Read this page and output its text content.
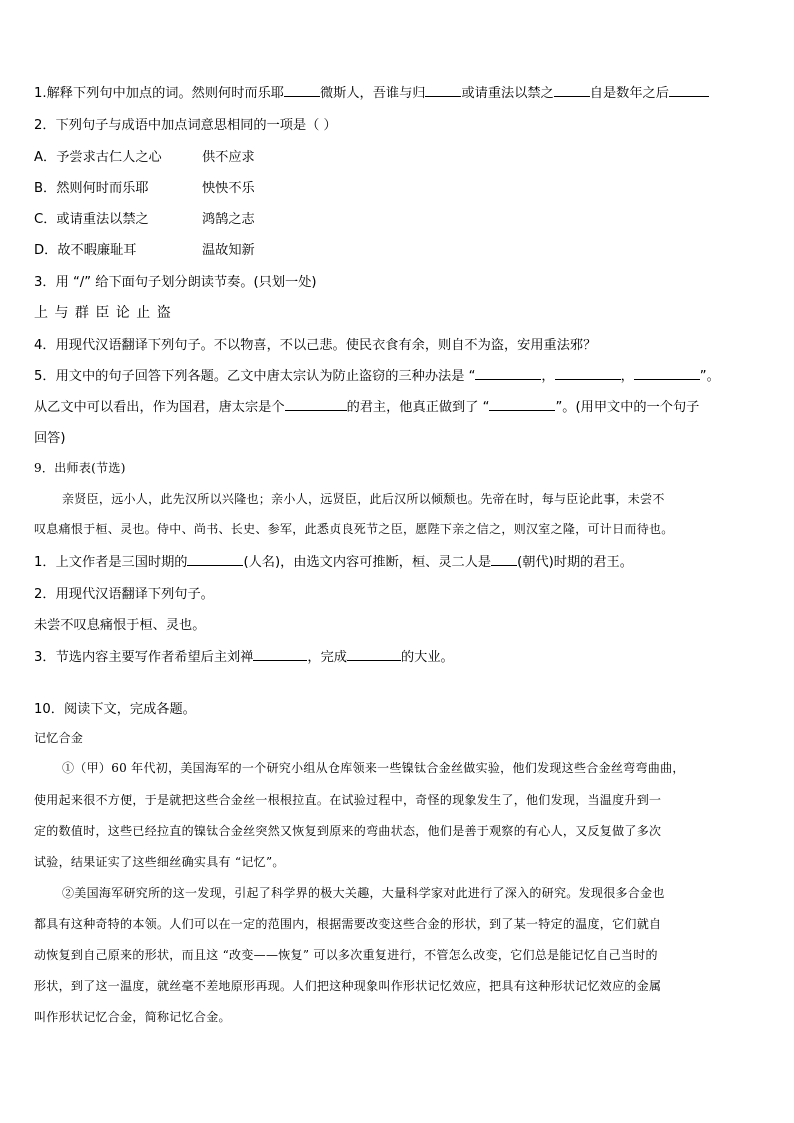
1.解释下列句中加点的词。然则何时而乐耶	微斯人，吾谁与归	或请重法以禁之	自是数年之后
2．下列句子与成语中加点词意思相同的一项是（ ）
A．予尝求古仁人之心	供不应求
B．然则何时而乐耶	怏怏不乐
C．或请重法以禁之	鸿鹄之志
D．故不暇廉耻耳	温故知新
3．用 “/” 给下面句子划分朗读节奏。(只划一处)
上 与 群 臣 论 止 盗
4．用现代汉语翻译下列句子。不以物喜，不以己悲。使民衣食有余，则自不为盗，安用重法邪？
5．用文中的句子回答下列各题。乙文中唐太宗认为防止盗窃的三种办法是 “	，	，	”。
从乙文中可以看出，作为国君，唐太宗是个	的君主，他真正做到了 “	”。(用甲文中的一个句子
回答)
9．出师表(节选)
亲贤臣，远小人，此先汉所以兴隆也；亲小人，远贤臣，此后汉所以倾颓也。先帝在时，每与臣论此事，未尝不
叹息痛恨于桓、灵也。侍中、尚书、长史、参军，此悉贞良死节之臣，愿陛下亲之信之，则汉室之隆，可计日而待也。
1．上文作者是三国时期的	(人名)，由选文内容可推断，桓、灵二人是 (朝代)时期的君王。
2．用现代汉语翻译下列句子。
未尝不叹息痛恨于桓、灵也。
3．节选内容主要写作者希望后主刘禅	，完成	的大业。
10．阅读下文，完成各题。
记忆合金
①（甲）60 年代初，美国海军的一个研究小组从仓库领来一些镍钛合金丝做实验，他们发现这些合金丝弯弯曲曲，
使用起来很不方便，于是就把这些合金丝一根根拉直。在试验过程中，奇怪的现象发生了，他们发现，当温度升到一
定的数值时，这些已经拉直的镍钛合金丝突然又恢复到原来的弯曲状态，他们是善于观察的有心人，又反复做了多次
试验，结果证实了这些细丝确实具有 “记忆”。
②美国海军研究所的这一发现，引起了科学界的极大关趣，大量科学家对此进行了深入的研究。发现很多合金也
都具有这种奇特的本领。人们可以在一定的范围内，根据需要改变这些合金的形状，到了某一特定的温度，它们就自
动恢复到自己原来的形状，而且这 “改变——恢复” 可以多次重复进行，不管怎么改变，它们总是能记忆自己当时的
形状，到了这一温度，就丝毫不差地原形再现。人们把这种现象叫作形状记忆效应，把具有这种形状记忆效应的金属
叫作形状记忆合金，简称记忆合金。
